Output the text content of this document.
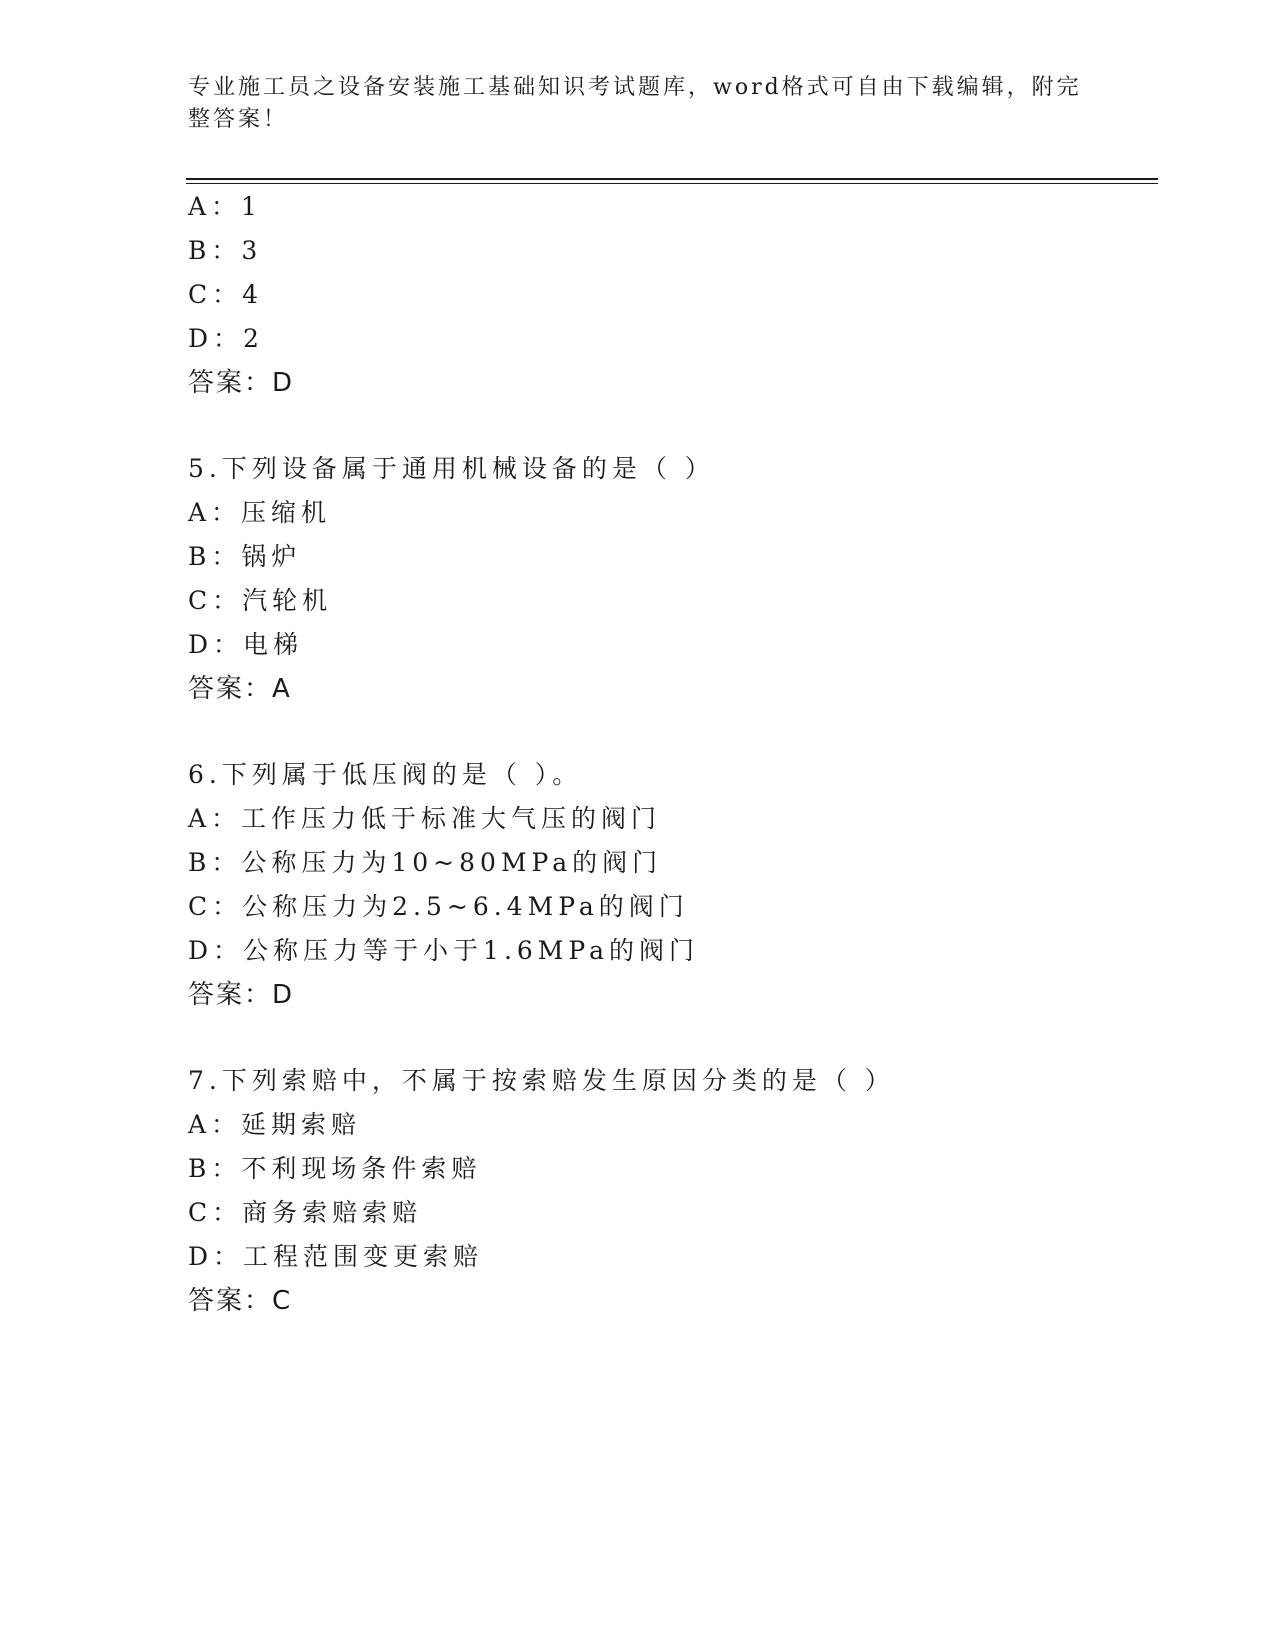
专业施工员之设备安装施工基础知识考试题库，word格式可自由下载编辑，附完
整答案！
A：1
B：3
C：4
D：2
答案：D
5.下列设备属于通用机械设备的是（ ）
A：压缩机
B：锅炉
C：汽轮机
D：电梯
答案：A
6.下列属于低压阀的是（ ）。
A：工作压力低于标准大气压的阀门
B：公称压力为10~80MPa的阀门
C：公称压力为2.5~6.4MPa的阀门
D：公称压力等于小于1.6MPa的阀门
答案：D
7.下列索赔中，不属于按索赔发生原因分类的是（ ）
A：延期索赔
B：不利现场条件索赔
C：商务索赔索赔
D：工程范围变更索赔
答案：C
